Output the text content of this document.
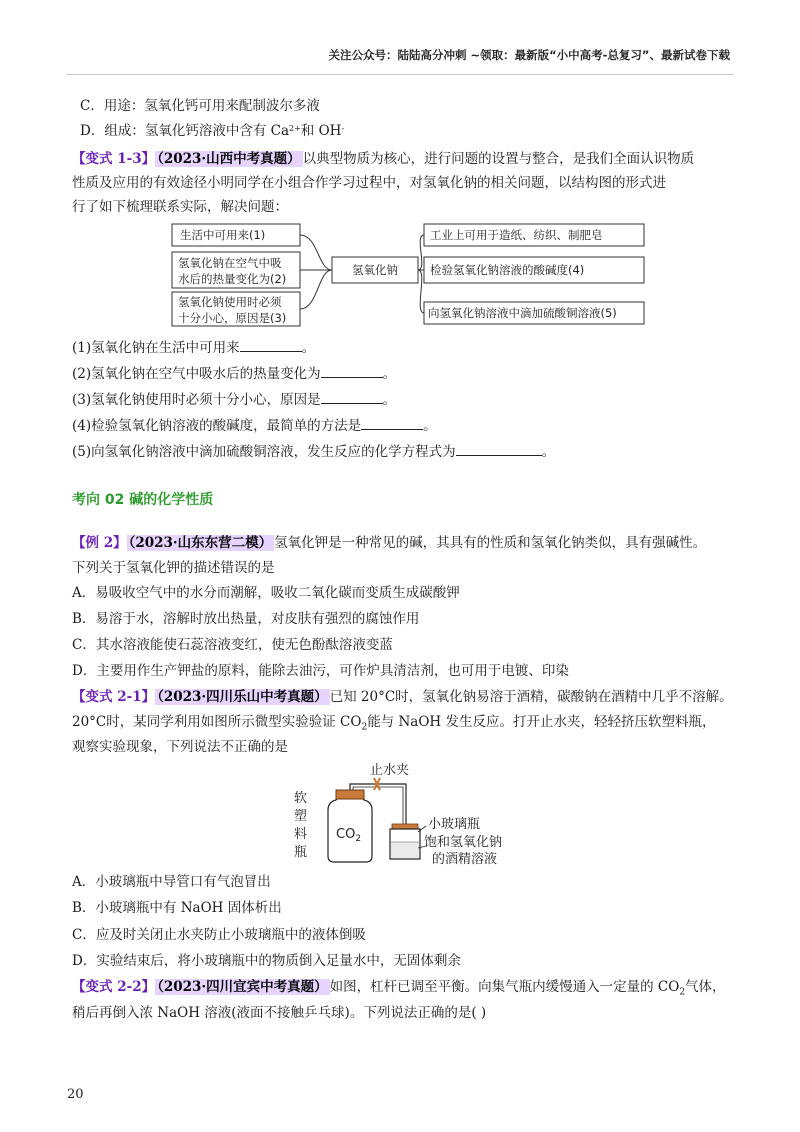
关注公众号：陆陆高分冲刺 ~领取：最新版“小中高考-总复习”、最新试卷下载
C．用途：氢氧化钙可用来配制波尔多液
D．组成：氢氧化钙溶液中含有 $Ca^{2+}$和 OH-
【变式 1-3】 （2023·山西中考真题） 以典型物质为核心，进行问题的设置与整合，是我们全面认识物质
性质及应用的有效途径小明同学在小组合作学习过程中，对氢氧化钠的相关问题，以结构图的形式进
行了如下梳理联系实际，解决问题：
生活中可用来(1)
氢氧化钠在空气中吸
水后的热量变化为(2)
氢氧化钠使用时必须
十分小心，原因是(3)
氢氧化钠
工业上可用于造纸、纺织、制肥皂
检验氢氧化钠溶液的酸碱度(4)
向氢氧化钠溶液中滴加硫酸铜溶液(5)
(1)氢氧化钠在生活中可用来	。
(2)氢氧化钠在空气中吸水后的热量变化为	。
(3)氢氧化钠使用时必须十分小心，原因是	。
(4)检验氢氧化钠溶液的酸碱度，最简单的方法是	。
(5)向氢氧化钠溶液中滴加硫酸铜溶液，发生反应的化学方程式为	。
考向 02 碱的化学性质
【例 2】 （2023·山东东营二模） 氢氧化钾是一种常见的碱，其具有的性质和氢氧化钠类似，具有强碱性。
下列关于氢氧化钾的描述错误的是
A．易吸收空气中的水分而潮解，吸收二氧化碳而变质生成碳酸钾
B．易溶于水，溶解时放出热量，对皮肤有强烈的腐蚀作用
C．其水溶液能使石蕊溶液变红，使无色酚酞溶液变蓝
D．主要用作生产钾盐的原料，能除去油污，可作炉具清洁剂，也可用于电镀、印染
【变式 2-1】 （2023·四川乐山中考真题） 已知 20°C时，氢氧化钠易溶于酒精，碳酸钠在酒精中几乎不溶解。
20°C时，某同学利用如图所示微型实验验证 $CO_2$能与 NaOH 发生反应。打开止水夹，轻轻挤压软塑料瓶，
观察实验现象，下列说法不正确的是
止水夹
软
塑
料
瓶
$CO_2$
小玻璃瓶
饱和氢氧化钠
的酒精溶液
A．小玻璃瓶中导管口有气泡冒出
B．小玻璃瓶中有 NaOH 固体析出
C．应及时关闭止水夹防止小玻璃瓶中的液体倒吸
D．实验结束后，将小玻璃瓶中的物质倒入足量水中，无固体剩余
【变式 2-2】 （2023·四川宜宾中考真题） 如图，杠杆已调至平衡。向集气瓶内缓慢通入一定量的 $CO_2$气体，
稍后再倒入浓 NaOH 溶液(液面不接触乒乓球)。下列说法正确的是( )
20
